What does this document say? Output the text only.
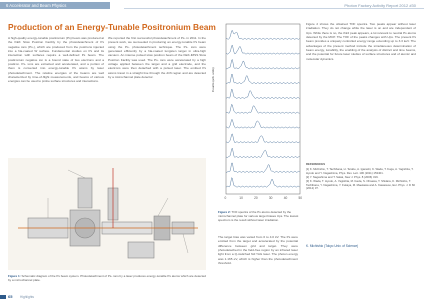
6 Accelerator and Beam Physics	Photon Factory Activity Report 2012 #30
Production of an Energy-Tunable Positronium Beam
A high-quality energy-tunable positronium (Ps) beam was produced at the KEK Slow Positron Facility by the photodetachment of Ps negative ions (Ps-), which are produced from the positrons injected into a Na-coated W surface. Fundamental studies on Ps and its interaction with surfaces require a well-defined Ps beam. The positronium negative ion is a bound state of two electrons and a positron. Ps- ions are extracted and accelerated, and a portion of them is converted into energy-tunable Ps atoms by laser photodetachment. The relative energies of the beams are well characterized by time-of-flight measurements, and beams of various energies can be used to probe surface structures and interactions.
We reported the first successful photodetachment of Ps- in 2011. In the present work, we succeeded in producing an energy-tunable Ps beam using the Ps- photodetachment technique. The Ps- ions were generated efficiently by a Na-coated tungsten target in ultra-high vacuum. An intense pulsed slow positron beam of the KEK-IMSS Slow Positron Facility was used. The Ps- ions were accelerated by a high voltage applied between the target and a grid electrode, and the electrons were then detached with a pulsed laser. The emitted Ps atoms travel in a straight line through the drift region and are detected by a microchannel plate detector.
Figure 1: Schematic diagram of the Ps beam system. Photodetachment of Ps- ions by a laser produces energy-tunable Ps atoms which are detected by a microchannel plate.
Counts (arb. units)
0	10	20	30	40	50
Figure 2: TOF spectra of the Ps atoms detected by the microchannel plate for various target biases Ups. The lowest spectrum is the result without laser irradiation.
The target bias was varied from 0 to 4.0 kV. The Ps were emitted from the target and accelerated by the potential difference between grid and target. They were photodetached in the field-free region by an infrared laser light from a Q-switched Nd:YAG laser. The photon energy was 1.165 eV, which is higher than the photodetachment threshold.
Figure 2 shows the obtained TOF spectra. Two peaks appear without laser irradiation. They do not change while the laser is on and are independent of Ups. While there is no, the third peak appears, a lot relevant to neutral Ps atoms detected by the MCP. The TOF of the peaks changes with Ups. The present Ps beam provides a uniquely controlled energy range extending up to 3.3 keV. The advantages of the present method include the simultaneous determination of beam energy, tunability, the enabling of the analysis of distinct and time beams, and the potential for future laser studies of surface structures and of atomic and molecular dynamics.
REFERENCES
[1] K. Michishio, T. Tachibana, H. Terabe, A. Igarashi, K. Wada, T. Kuga, A. Yagishita, T. Hyodo and Y. Nagashima, Phys. Rev. Lett. 106 (2011) 153401.
[2] Y. Nagashima and T. Sakai, New J. Phys. 8 (2006) 319.
[3] K. Wada, T. Hyodo, A. Yagishita, M. Ikeda, S. Ohsawa, T. Shidara, K. Michishio, T. Tachibana, Y. Nagashima, Y. Fukaya, M. Maekawa and A. Kawasuso, Eur. Phys. J. D 66 (2012) 37.
K. Michishio (Tokyo Univ. of Science)
65 Highlights
